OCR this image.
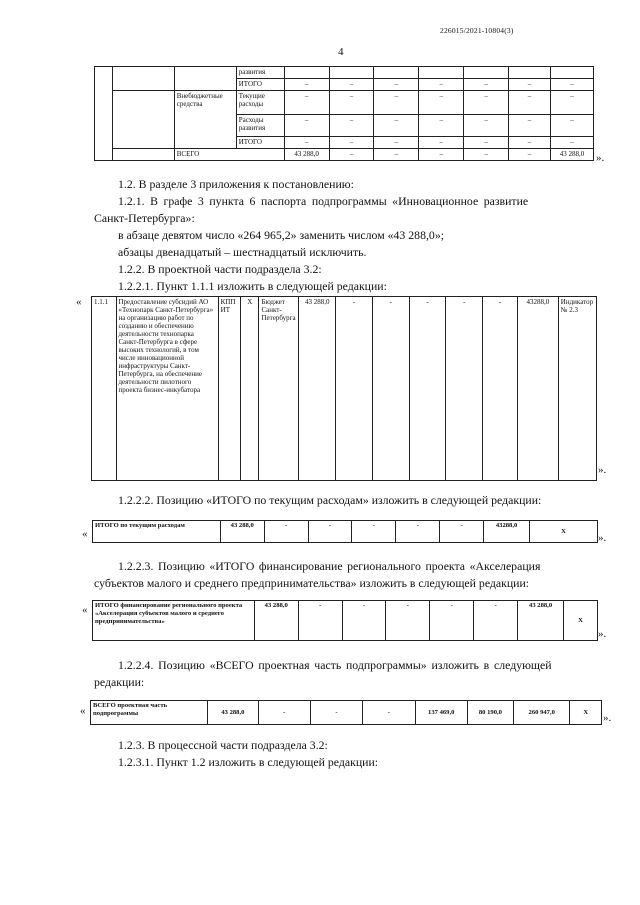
226015/2021-10804(3)
4
			развития							
			ИТОГО	–	–	–	–	–	–	–
		Внебюджетные средства	Текущие расходы	–	–	–	–	–	–	–
			Расходы развития	–	–	–	–	–	–	–
			ИТОГО	–	–	–	–	–	–	–
		ВСЕГО		43 288,0	–	–	–	–	–	43 288,0 ».
1.2. В разделе 3 приложения к постановлению:
1.2.1. В графе 3 пункта 6 паспорта подпрограммы «Инновационное развитие
Санкт-Петербурга»:
в абзаце девятом число «264 965,2» заменить числом «43 288,0»;
абзацы двенадцатый – шестнадцатый исключить.
1.2.2. В проектной части подраздела 3.2:
1.2.2.1. Пункт 1.1.1 изложить в следующей редакции:
« 1.1.1	Предоставление субсидий АО «Технопарк Санкт-Петербурга» на организацию работ по созданию и обеспечению деятельности технопарка Санкт-Петербурга в сфере высоких технологий, в том числе инновационной инфраструктуры Санкт-Петербурга, на обеспечение деятельности пилотного проекта бизнес-инкубатора	КППИТ	Х	Бюджет Санкт-Петербурга	43 288,0	-	-	-	-	-	43288,0	Индикатор № 2.3
».
1.2.2.2. Позицию «ИТОГО по текущим расходам» изложить в следующей редакции:
«
ИТОГО по текущим расходам	43 288,0	-	-	-	-	-	43288,0	Х
».
1.2.2.3. Позицию «ИТОГО финансирование регионального проекта «Акселерация
субъектов малого и среднего предпринимательства» изложить в следующей редакции:
« ИТОГО финансирование регионального проекта «Акселерация субъектов малого и среднего предпринимательства»	43 288,0	-	-	-	-	-	43 288,0	Х
».
1.2.2.4. Позицию «ВСЕГО проектная часть подпрограммы» изложить в следующей
редакции:
« ВСЕГО проектная часть подпрограммы	43 288,0	-	-	-	137 469,0	80 190,0	260 947,0	Х ».
1.2.3. В процессной части подраздела 3.2:
1.2.3.1. Пункт 1.2 изложить в следующей редакции:
